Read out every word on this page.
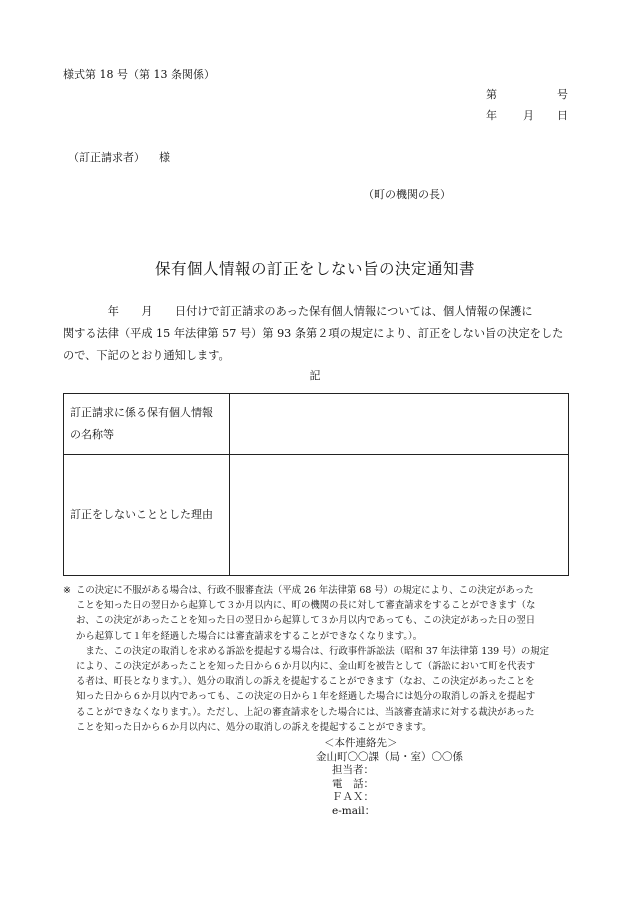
様式第 18 号（第 13 条関係）
第	号
年 月 日
（訂正請求者） 様
（町の機関の長）
保有個人情報の訂正をしない旨の決定通知書
　　　　年　　月　　日付けで訂正請求のあった保有個人情報については、個人情報の保護に
関する法律（平成 15 年法律第 57 号）第 93 条第２項の規定により、訂正をしない旨の決定をした
ので、下記のとおり通知します。
記
訂正請求に係る保有個人情報
の名称等	
訂正をしないこととした理由	
※ この決定に不服がある場合は、行政不服審査法（平成 26 年法律第 68 号）の規定により、この決定があった
ことを知った日の翌日から起算して３か月以内に、町の機関の長に対して審査請求をすることができます（な
お、この決定があったことを知った日の翌日から起算して３か月以内であっても、この決定があった日の翌日
から起算して１年を経過した場合には審査請求をすることができなくなります。）。
　また、この決定の取消しを求める訴訟を提起する場合は、行政事件訴訟法（昭和 37 年法律第 139 号）の規定
により、この決定があったことを知った日から６か月以内に、金山町を被告として（訴訟において町を代表す
る者は、町長となります。）、処分の取消しの訴えを提起することができます（なお、この決定があったことを
知った日から６か月以内であっても、この決定の日から１年を経過した場合には処分の取消しの訴えを提起す
ることができなくなります。）。ただし、上記の審査請求をした場合には、当該審査請求に対する裁決があった
ことを知った日から６か月以内に、処分の取消しの訴えを提起することができます。
＜本件連絡先＞
金山町〇〇課（局・室）〇〇係
担当者：
電　話：
ＦＡＸ：
e-mail：
